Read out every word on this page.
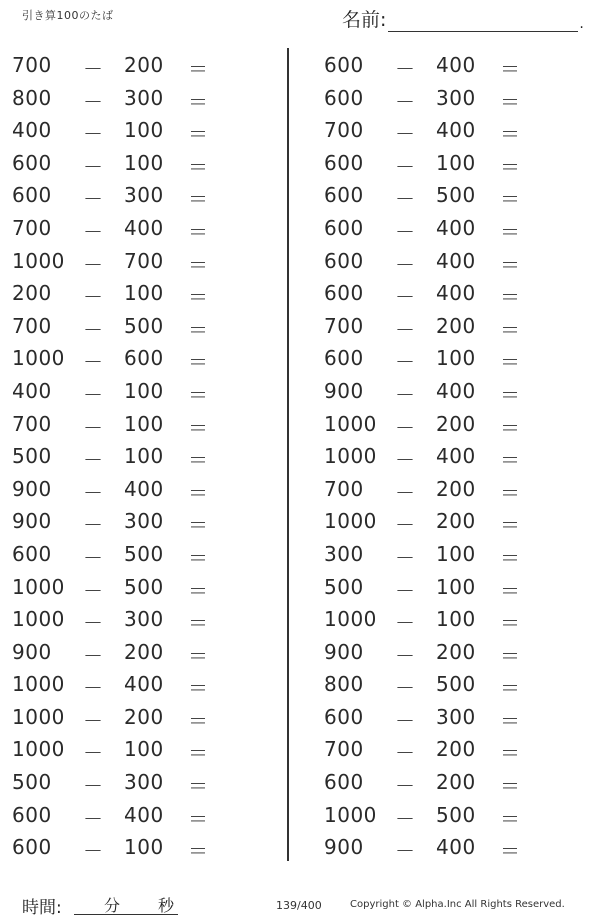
引き算100のたば	名前:	.
700 － 200 ＝
800 － 300 ＝
400 － 100 ＝
600 － 100 ＝
600 － 300 ＝
700 － 400 ＝
1000 － 700 ＝
200 － 100 ＝
700 － 500 ＝
1000 － 600 ＝
400 － 100 ＝
700 － 100 ＝
500 － 100 ＝
900 － 400 ＝
900 － 300 ＝
600 － 500 ＝
1000 － 500 ＝
1000 － 300 ＝
900 － 200 ＝
1000 － 400 ＝
1000 － 200 ＝
1000 － 100 ＝
500 － 300 ＝
600 － 400 ＝
600 － 100 ＝
600 － 400 ＝
600 － 300 ＝
700 － 400 ＝
600 － 100 ＝
600 － 500 ＝
600 － 400 ＝
600 － 400 ＝
600 － 400 ＝
700 － 200 ＝
600 － 100 ＝
900 － 400 ＝
1000 － 200 ＝
1000 － 400 ＝
700 － 200 ＝
1000 － 200 ＝
300 － 100 ＝
500 － 100 ＝
1000 － 100 ＝
900 － 200 ＝
800 － 500 ＝
600 － 300 ＝
700 － 200 ＝
600 － 200 ＝
1000 － 500 ＝
900 － 400 ＝
時間:	分 秒	139/400	Copyright © Alpha.Inc All Rights Reserved.
